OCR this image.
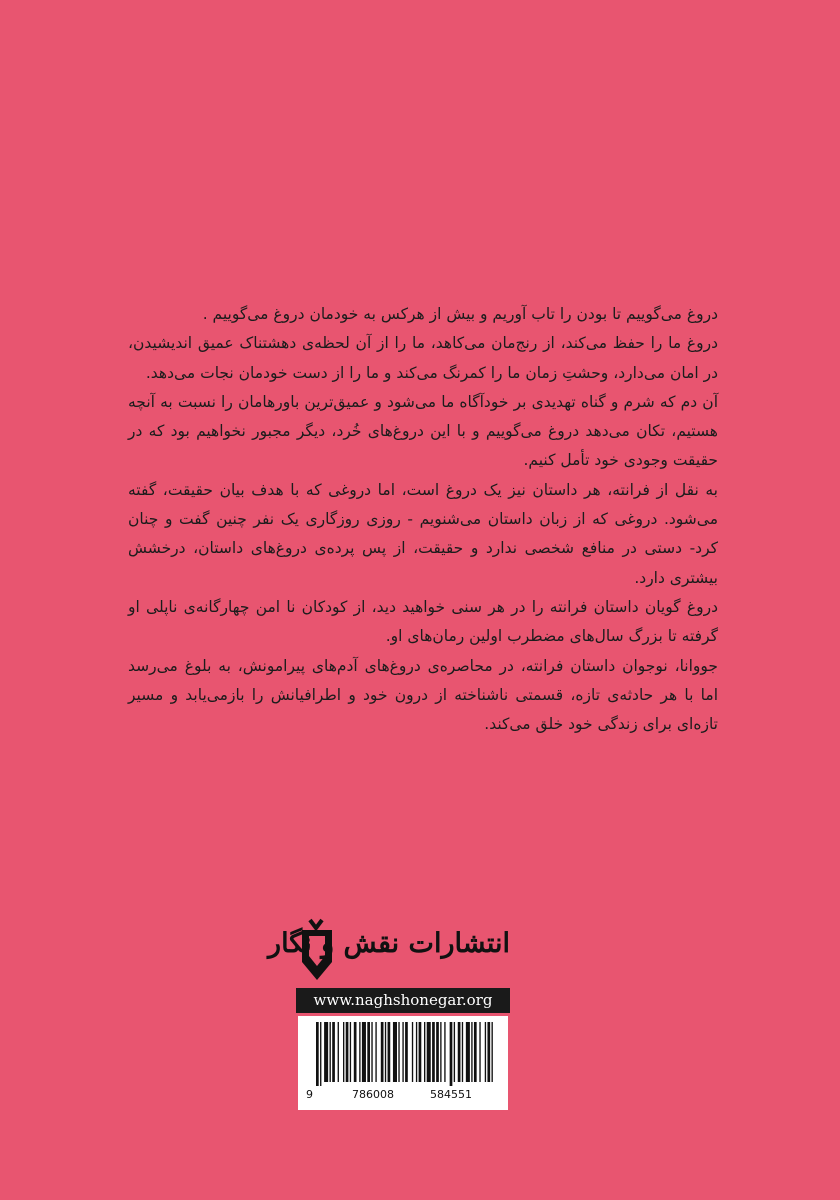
دروغ می‌گوییم تا بودن را تاب آوریم و بیش از هرکس به خودمان دروغ می‌گوییم .

دروغ ما را حفظ می‌کند، از رنج‌مان می‌کاهد، ما را از آن لحظه‌ی دهشتناک عمیق اندیشیدن، در امان می‌دارد، وحشتِ زمان ما را کمرنگ می‌کند و ما را از دست خودمان نجات می‌دهد.

آن دم که شرم و گناه تهدیدی بر خودآگاه ما می‌شود و عمیق‌ترین باورهامان را نسبت به آنچه هستیم، تکان می‌دهد دروغ می‌گوییم و با این دروغ‌های خُرد، دیگر مجبور نخواهیم بود که در حقیقت وجودی خود تأمل کنیم.

به نقل از فرانته، هر داستان نیز یک دروغ است، اما دروغی که با هدف بیان حقیقت، گفته می‌شود. دروغی که از زبان داستان می‌شنویم - روزی روزگاری یک نفر چنین گفت و چنان کرد- دستی در منافع شخصی ندارد و حقیقت، از پس پرده‌ی دروغ‌های داستان، درخشش بیشتری دارد.

دروغ گویان داستان فرانته را در هر سنی خواهید دید، از کودکان نا امن چهارگانه‌ی ناپلی او گرفته تا بزرگ سال‌های مضطرب اولین رمان‌های او.

جووانا، نوجوان داستان فرانته، در محاصره‌ی دروغ‌های آدم‌های پیرامونش، به بلوغ می‌رسد اما با هر حادثه‌ی تازه، قسمتی ناشناخته از درون خود و اطرافیانش را بازمی‌یابد و مسیر تازه‌ای برای زندگی خود خلق می‌کند.

انتشارات نقش و نگار
www.naghshonegar.org
9	786008	584551
